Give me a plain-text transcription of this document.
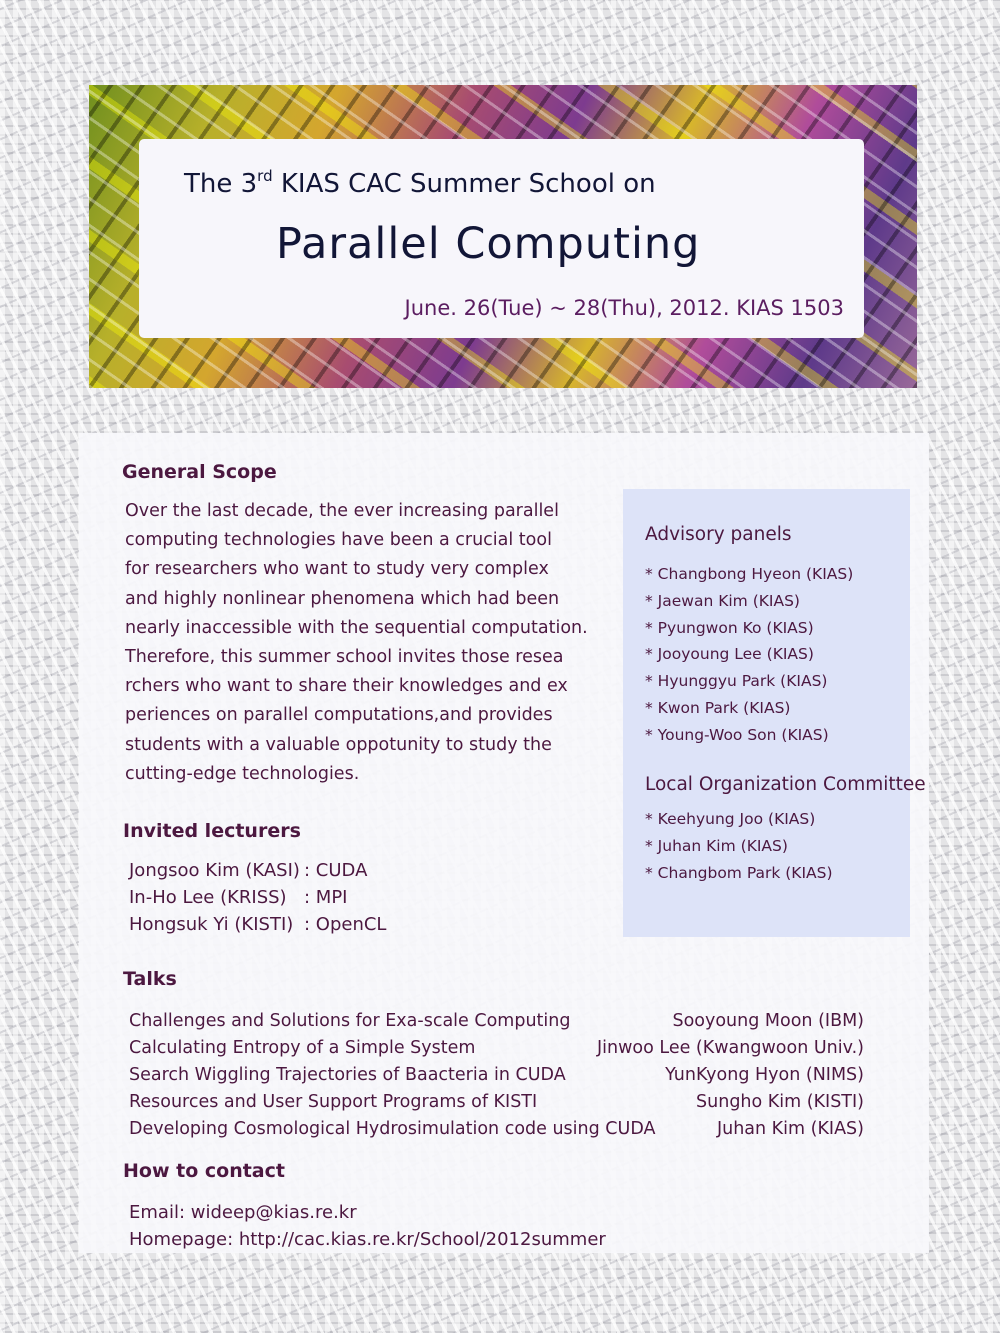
The 3rd KIAS CAC Summer School on
Parallel Computing
June. 26(Tue) ~ 28(Thu), 2012. KIAS 1503
General Scope
Over the last decade, the ever increasing parallel
computing technologies have been a crucial tool
for researchers who want to study very complex
and highly nonlinear phenomena which had been
nearly inaccessible with the sequential computation.
Therefore, this summer school invites those resea
rchers who want to share their knowledges and ex
periences on parallel computations,and provides
students with a valuable oppotunity to study the
cutting-edge technologies.
Invited lecturers
Jongsoo Kim (KASI) : CUDA
In-Ho Lee (KRISS) : MPI
Hongsuk Yi (KISTI) : OpenCL
Talks
Challenges and Solutions for Exa-scale Computing	Sooyoung Moon (IBM)
Calculating Entropy of a Simple System	Jinwoo Lee (Kwangwoon Univ.)
Search Wiggling Trajectories of Baacteria in CUDA	YunKyong Hyon (NIMS)
Resources and User Support Programs of KISTI	Sungho Kim (KISTI)
Developing Cosmological Hydrosimulation code using CUDA	Juhan Kim (KIAS)
How to contact
Email: wideep@kias.re.kr
Homepage: http://cac.kias.re.kr/School/2012summer
Advisory panels
* Changbong Hyeon (KIAS)
* Jaewan Kim (KIAS)
* Pyungwon Ko (KIAS)
* Jooyoung Lee (KIAS)
* Hyunggyu Park (KIAS)
* Kwon Park (KIAS)
* Young-Woo Son (KIAS)
Local Organization Committee
* Keehyung Joo (KIAS)
* Juhan Kim (KIAS)
* Changbom Park (KIAS)
